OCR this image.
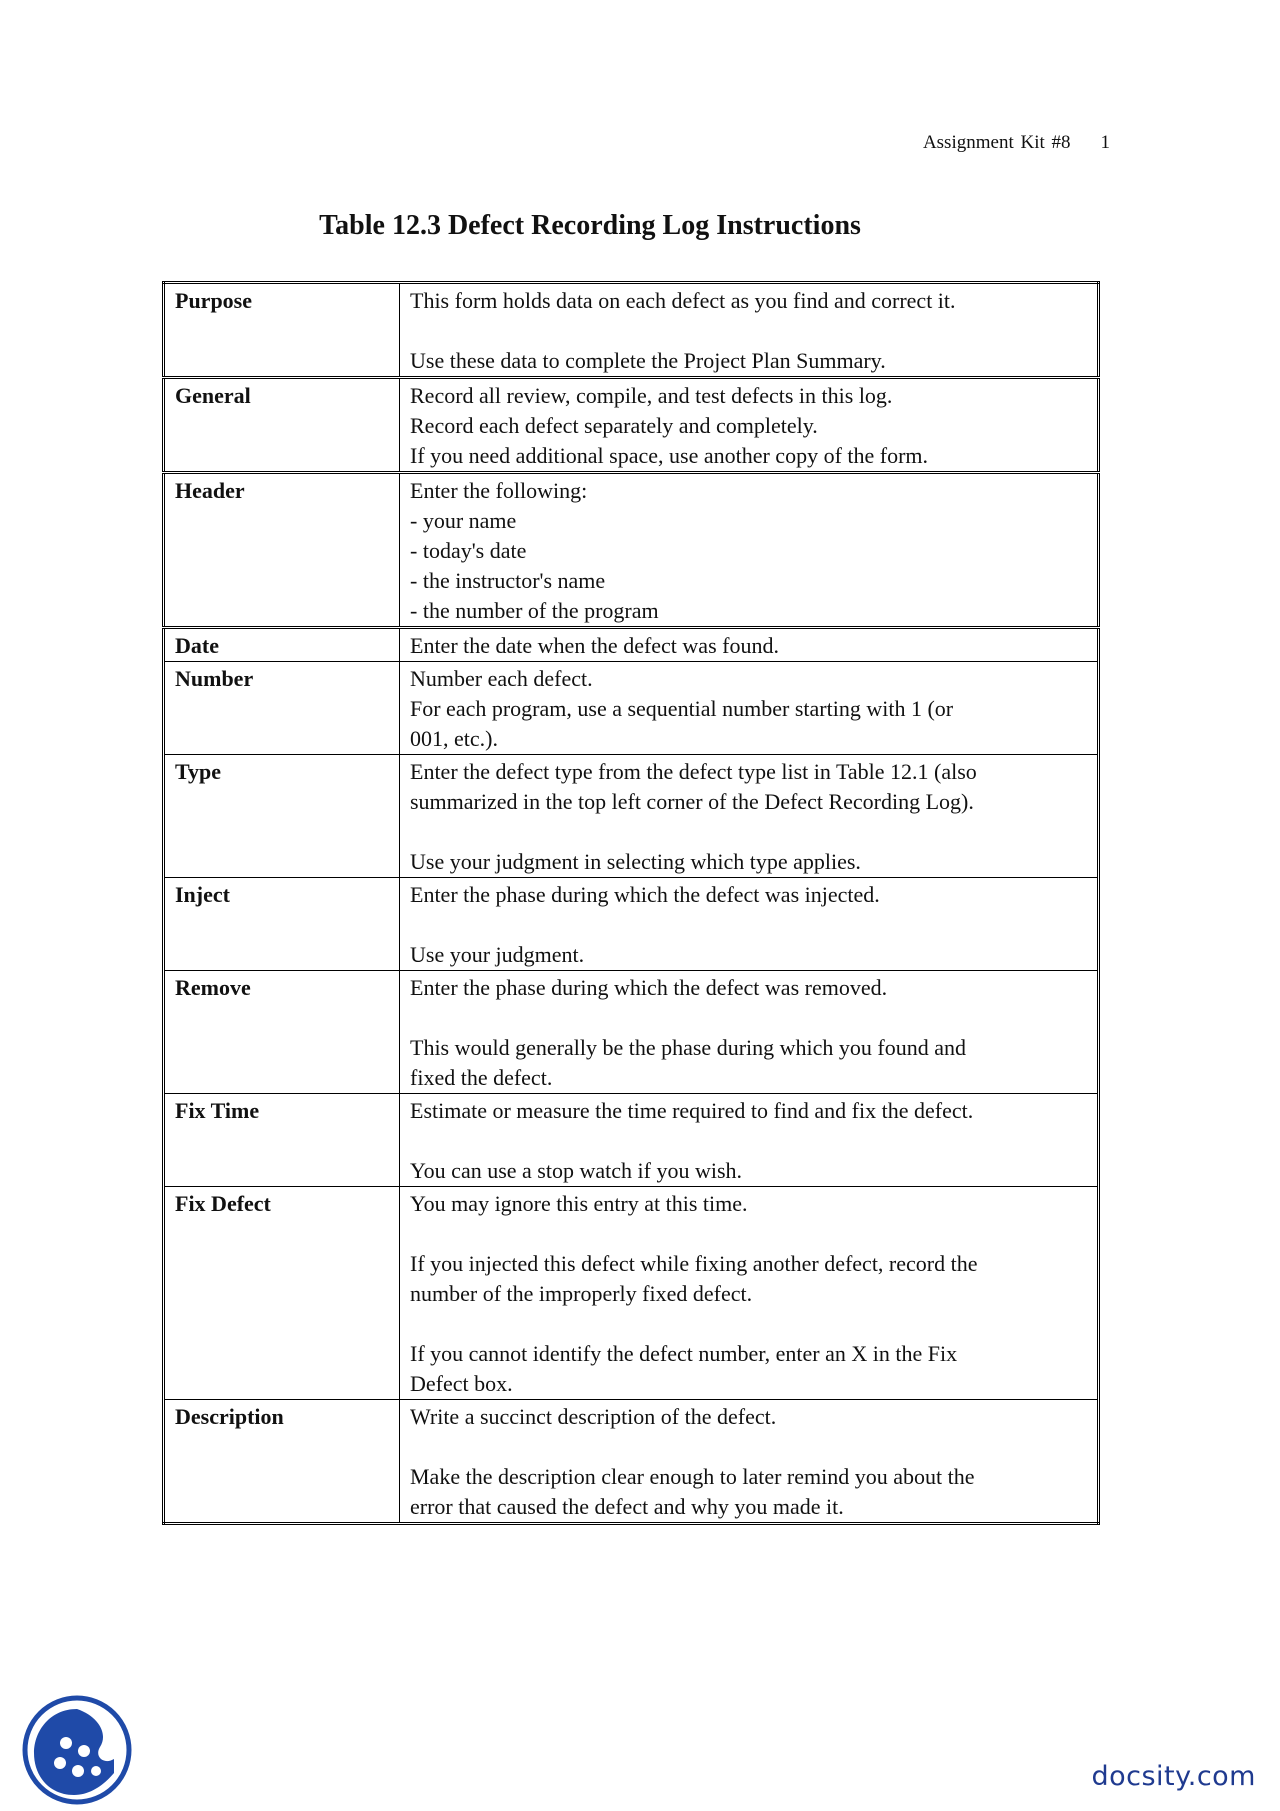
Assignment Kit #8 1
Table 12.3 Defect Recording Log Instructions
Purpose	This form holds data on each defect as you find and correct it.
Use these data to complete the Project Plan Summary.

General	Record all review, compile, and test defects in this log.
Record each defect separately and completely.
If you need additional space, use another copy of the form.

Header	Enter the following:
- your name
- today's date
- the instructor's name
- the number of the program

Date	Enter the date when the defect was found.

Number	Number each defect.
For each program, use a sequential number starting with 1 (or
001, etc.).

Type	Enter the defect type from the defect type list in Table 12.1 (also
summarized in the top left corner of the Defect Recording Log).
Use your judgment in selecting which type applies.

Inject	Enter the phase during which the defect was injected.
Use your judgment.

Remove	Enter the phase during which the defect was removed.
This would generally be the phase during which you found and
fixed the defect.

Fix Time	Estimate or measure the time required to find and fix the defect.
You can use a stop watch if you wish.

Fix Defect	You may ignore this entry at this time.
If you injected this defect while fixing another defect, record the
number of the improperly fixed defect.
If you cannot identify the defect number, enter an X in the Fix
Defect box.

Description	Write a succinct description of the defect.
Make the description clear enough to later remind you about the
error that caused the defect and why you made it.
docsity.com
